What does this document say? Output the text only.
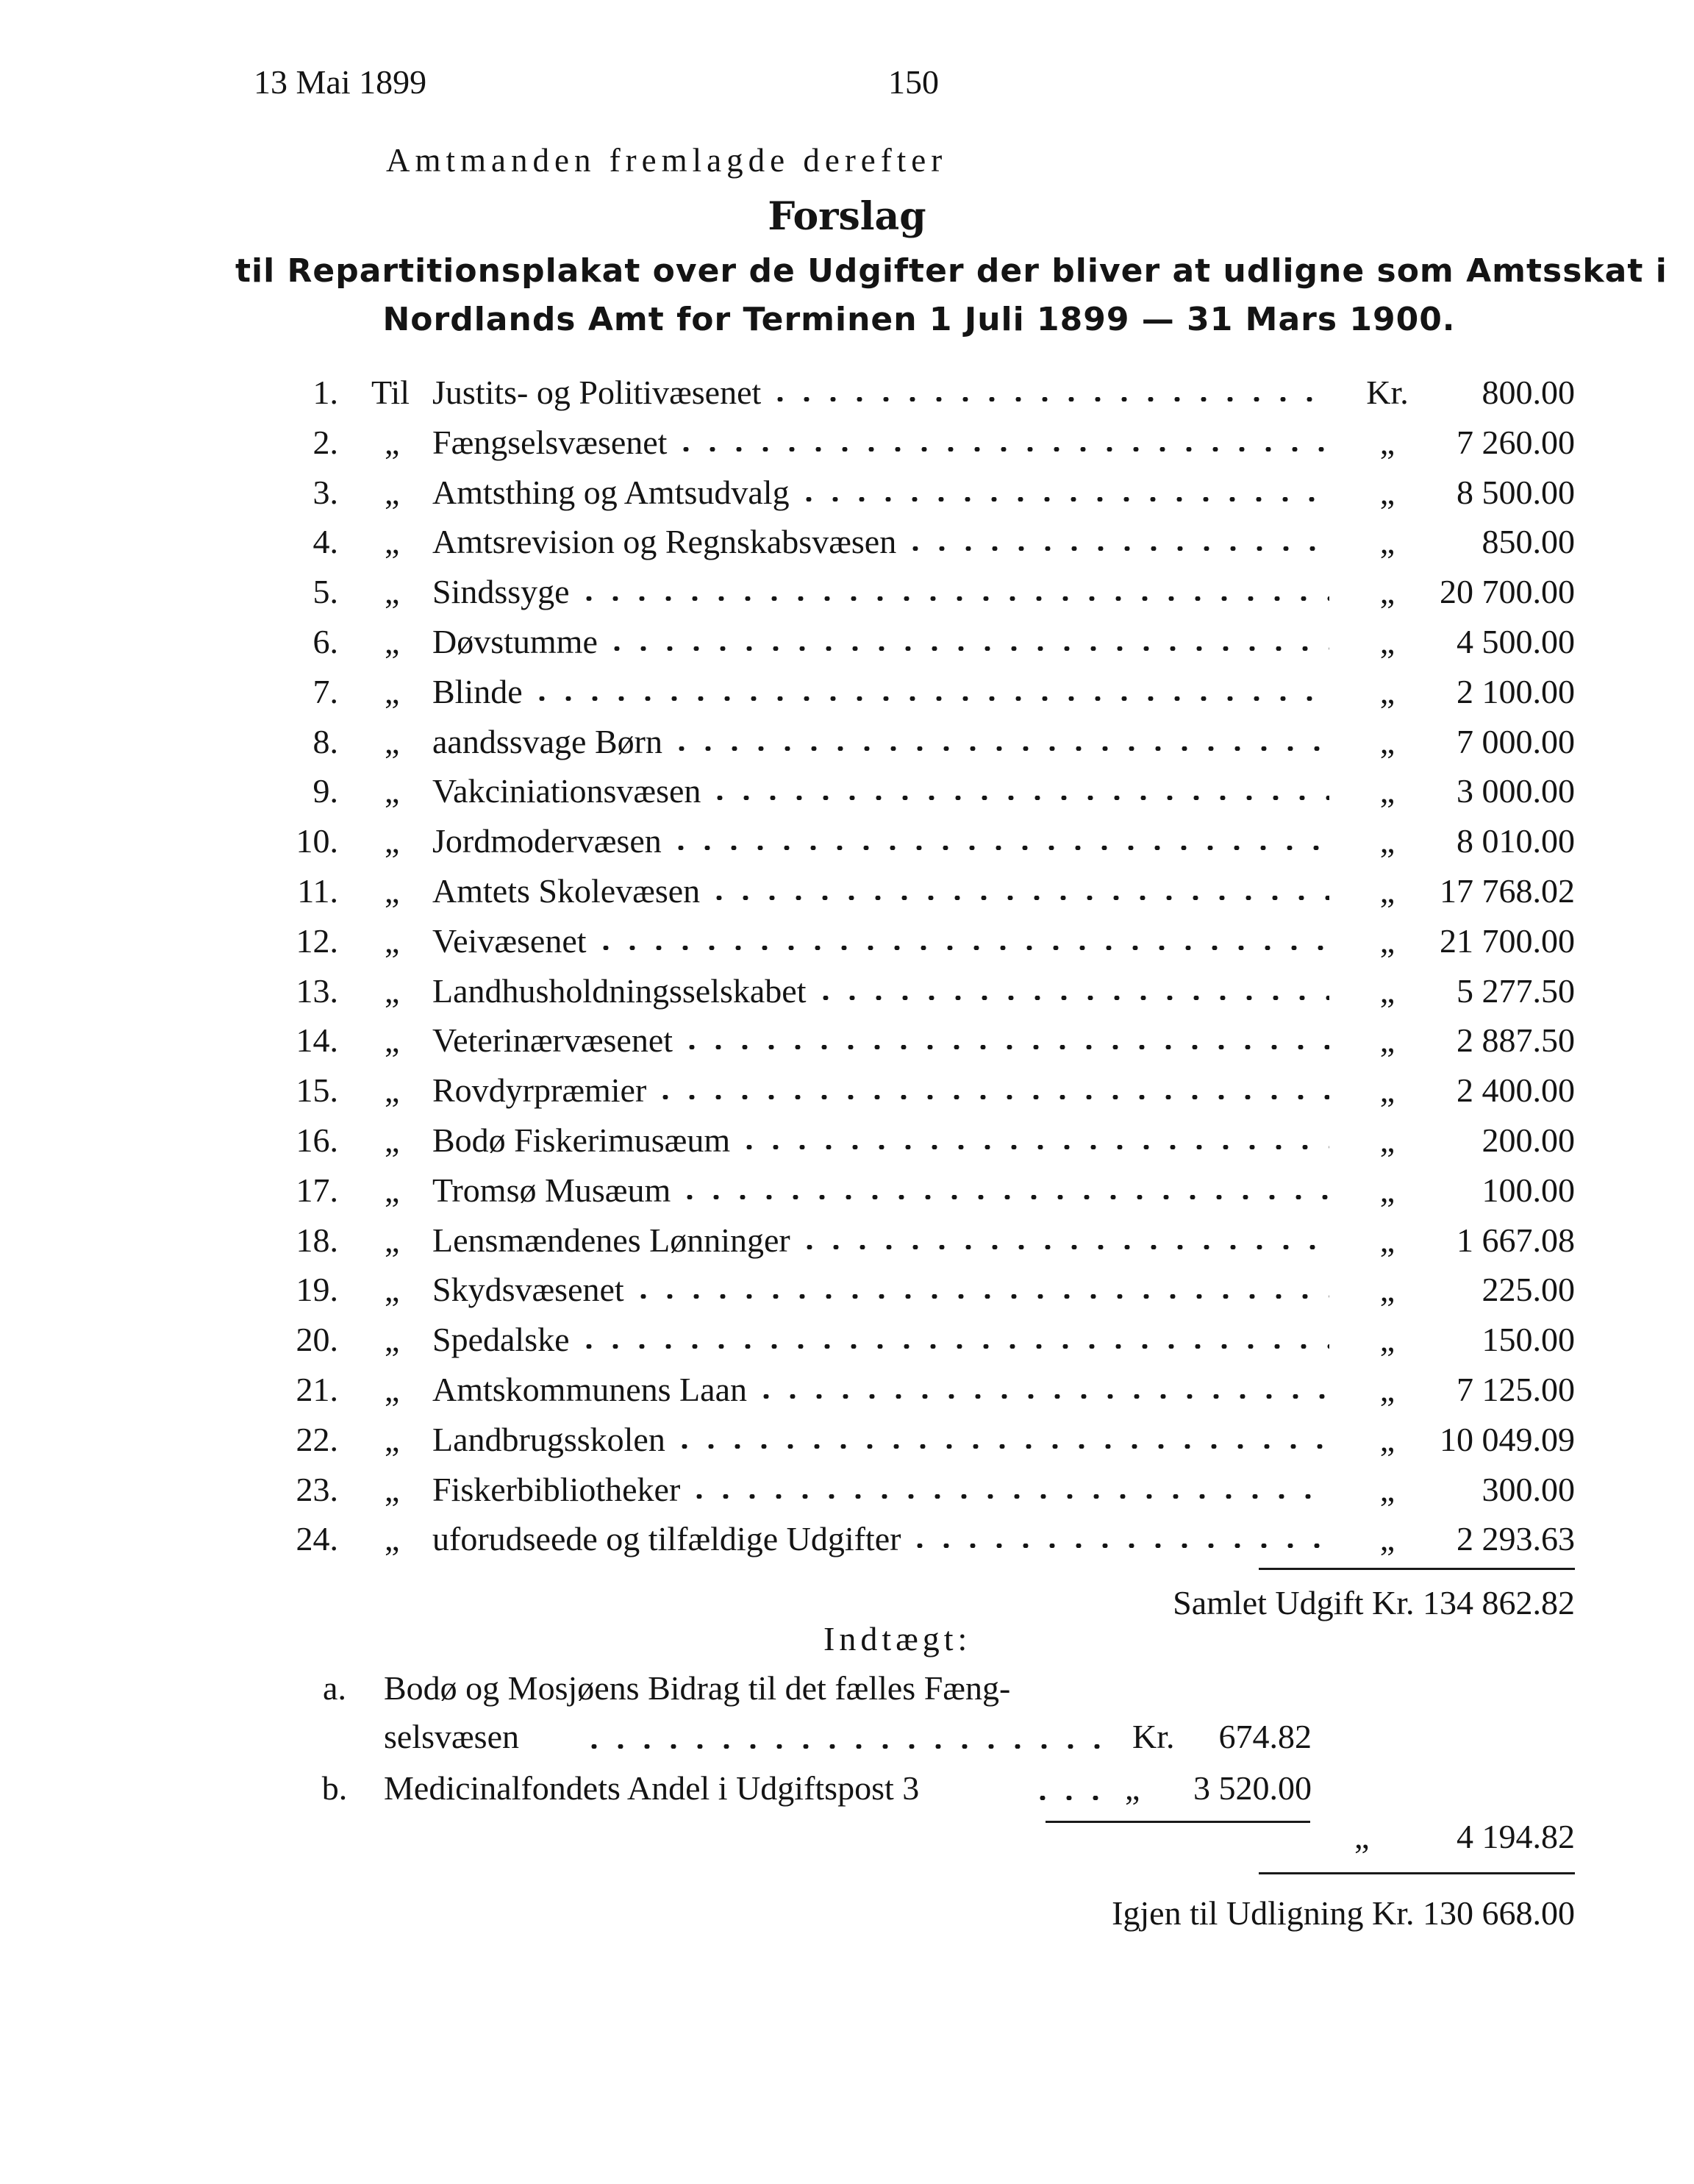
13 Mai 1899	150
Amtmanden fremlagde derefter
Forslag
til Repartitionsplakat over de Udgifter der bliver at udligne som Amtsskat i
Nordlands Amt for Terminen 1 Juli 1899 — 31 Mars 1900.
1. Til Justits- og Politivæsenet	Kr.	800.00
2. „ Fængselsvæsenet	„	7 260.00
3. „ Amtsthing og Amtsudvalg	„	8 500.00
4. „ Amtsrevision og Regnskabsvæsen	„	850.00
5. „ Sindssyge	„	20 700.00
6. „ Døvstumme	„	4 500.00
7. „ Blinde	„	2 100.00
8. „ aandssvage Børn	„	7 000.00
9. „ Vakciniationsvæsen	„	3 000.00
10. „ Jordmodervæsen	„	8 010.00
11. „ Amtets Skolevæsen	„	17 768.02
12. „ Veivæsenet	„	21 700.00
13. „ Landhusholdningsselskabet	„	5 277.50
14. „ Veterinærvæsenet	„	2 887.50
15. „ Rovdyrpræmier	„	2 400.00
16. „ Bodø Fiskerimusæum	„	200.00
17. „ Tromsø Musæum	„	100.00
18. „ Lensmændenes Lønninger	„	1 667.08
19. „ Skydsvæsenet	„	225.00
20. „ Spedalske	„	150.00
21. „ Amtskommunens Laan	„	7 125.00
22. „ Landbrugsskolen	„	10 049.09
23. „ Fiskerbibliotheker	„	300.00
24. „ uforudseede og tilfældige Udgifter	„	2 293.63
Samlet Udgift Kr. 134 862.82
Indtægt:
a. Bodø og Mosjøens Bidrag til det fælles Fæng-
selsvæsen	Kr. 674.82
b. Medicinalfondets Andel i Udgiftspost 3	„ 3 520.00
„	4 194.82
Igjen til Udligning Kr. 130 668.00
